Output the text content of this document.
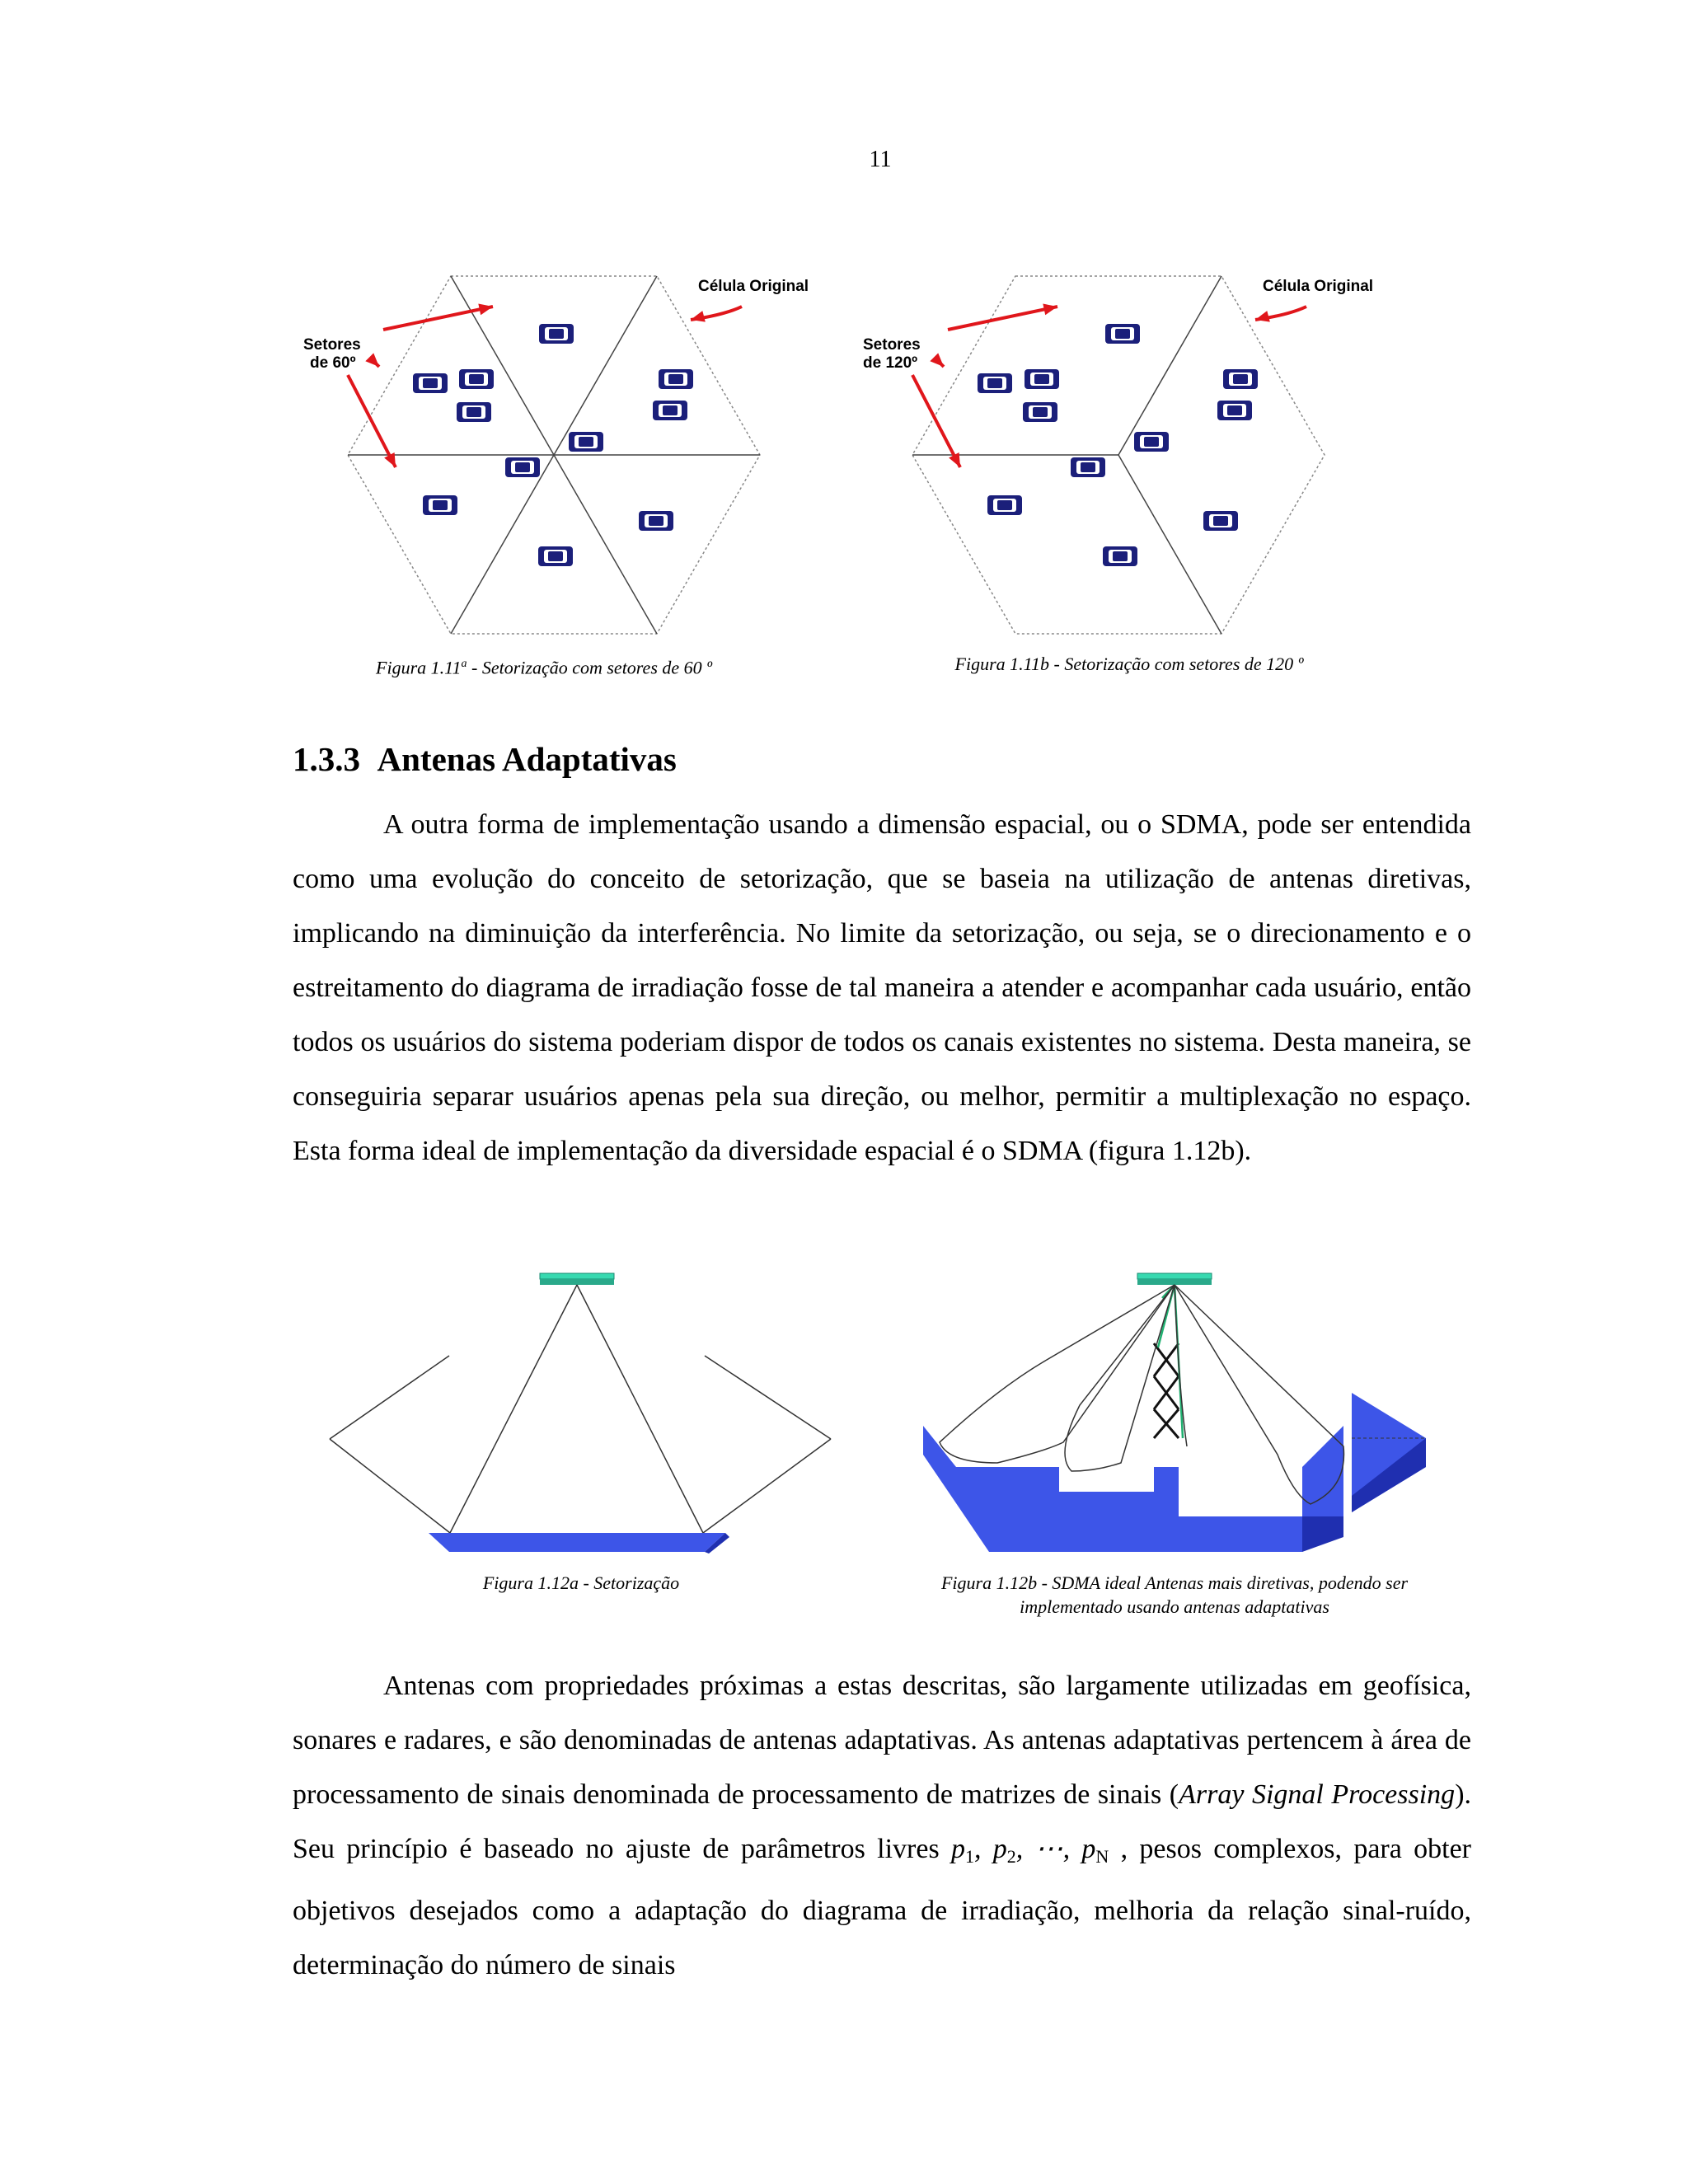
11
Célula Original
Setores
de 60º
Célula Original
Setores
de 120º
Figura 1.11$^a$ - Setorização com setores de 60 º	Figura 1.11b - Setorização com setores de 120 º
1.3.3 Antenas Adaptativas

A outra forma de implementação usando a dimensão espacial, ou o SDMA, pode ser entendida como uma evolução do conceito de setorização, que se baseia na utilização de antenas diretivas, implicando na diminuição da interferência. No limite da setorização, ou seja, se o direcionamento e o estreitamento do diagrama de irradiação fosse de tal maneira a atender e acompanhar cada usuário, então todos os usuários do sistema poderiam dispor de todos os canais existentes no sistema. Desta maneira, se conseguiria separar usuários apenas pela sua direção, ou melhor, permitir a multiplexação no espaço. Esta forma ideal de implementação da diversidade espacial é o SDMA (figura 1.12b).

Figura 1.12a - Setorização	Figura 1.12b - SDMA ideal Antenas mais diretivas, podendo ser
implementado usando antenas adaptativas

Antenas com propriedades próximas a estas descritas, são largamente utilizadas em geofísica, sonares e radares, e são denominadas de antenas adaptativas. As antenas adaptativas pertencem à área de processamento de sinais denominada de processamento de matrizes de sinais (Array Signal Processing). Seu princípio é baseado no ajuste de parâmetros livres $p_1$, $p_2$, ⋯, $p_N$ , pesos complexos, para obter objetivos desejados como a adaptação do diagrama de irradiação, melhoria da relação sinal-ruído, determinação do número de sinais
